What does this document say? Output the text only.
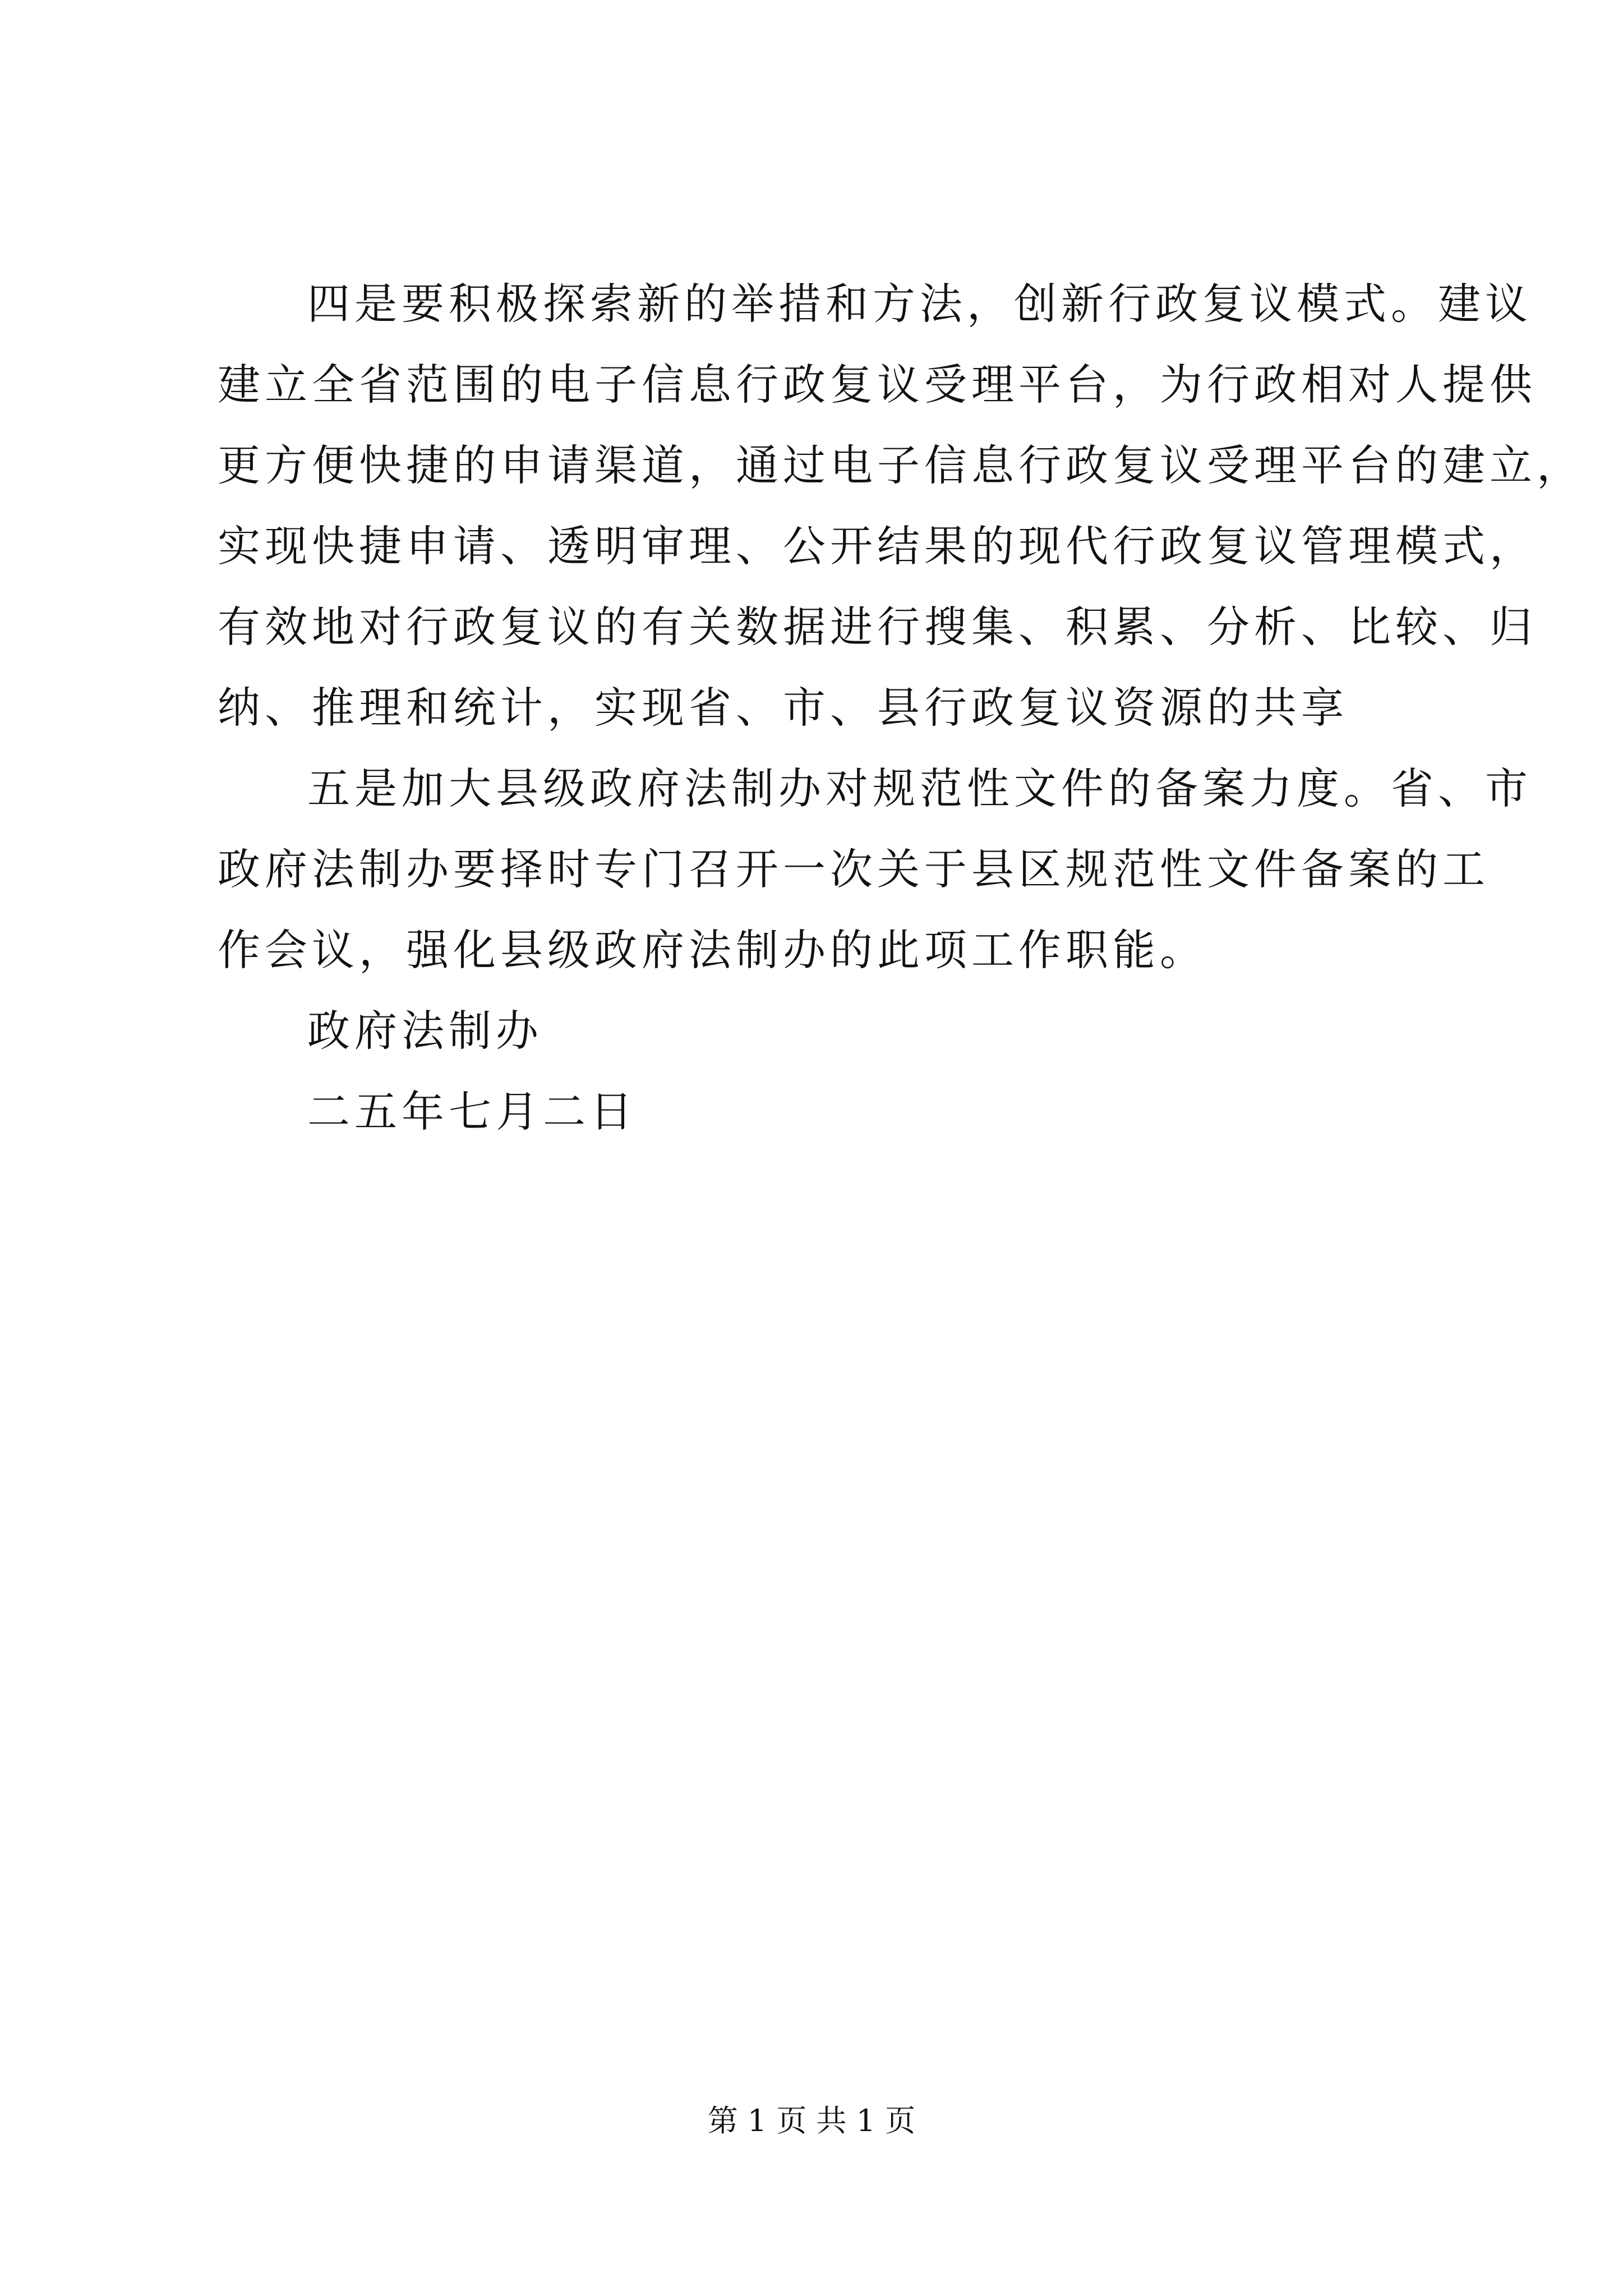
四是要积极探索新的举措和方法，创新行政复议模式。建议
建立全省范围的电子信息行政复议受理平台，为行政相对人提供
更方便快捷的申请渠道，通过电子信息行政复议受理平台的建立，
实现快捷申请、透明审理、公开结果的现代行政复议管理模式，
有效地对行政复议的有关数据进行搜集、积累、分析、比较、归
纳、推理和统计，实现省、市、县行政复议资源的共享
五是加大县级政府法制办对规范性文件的备案力度。省、市
政府法制办要择时专门召开一次关于县区规范性文件备案的工
作会议，强化县级政府法制办的此项工作职能。
政府法制办
二五年七月二日
第 1 页 共 1 页
